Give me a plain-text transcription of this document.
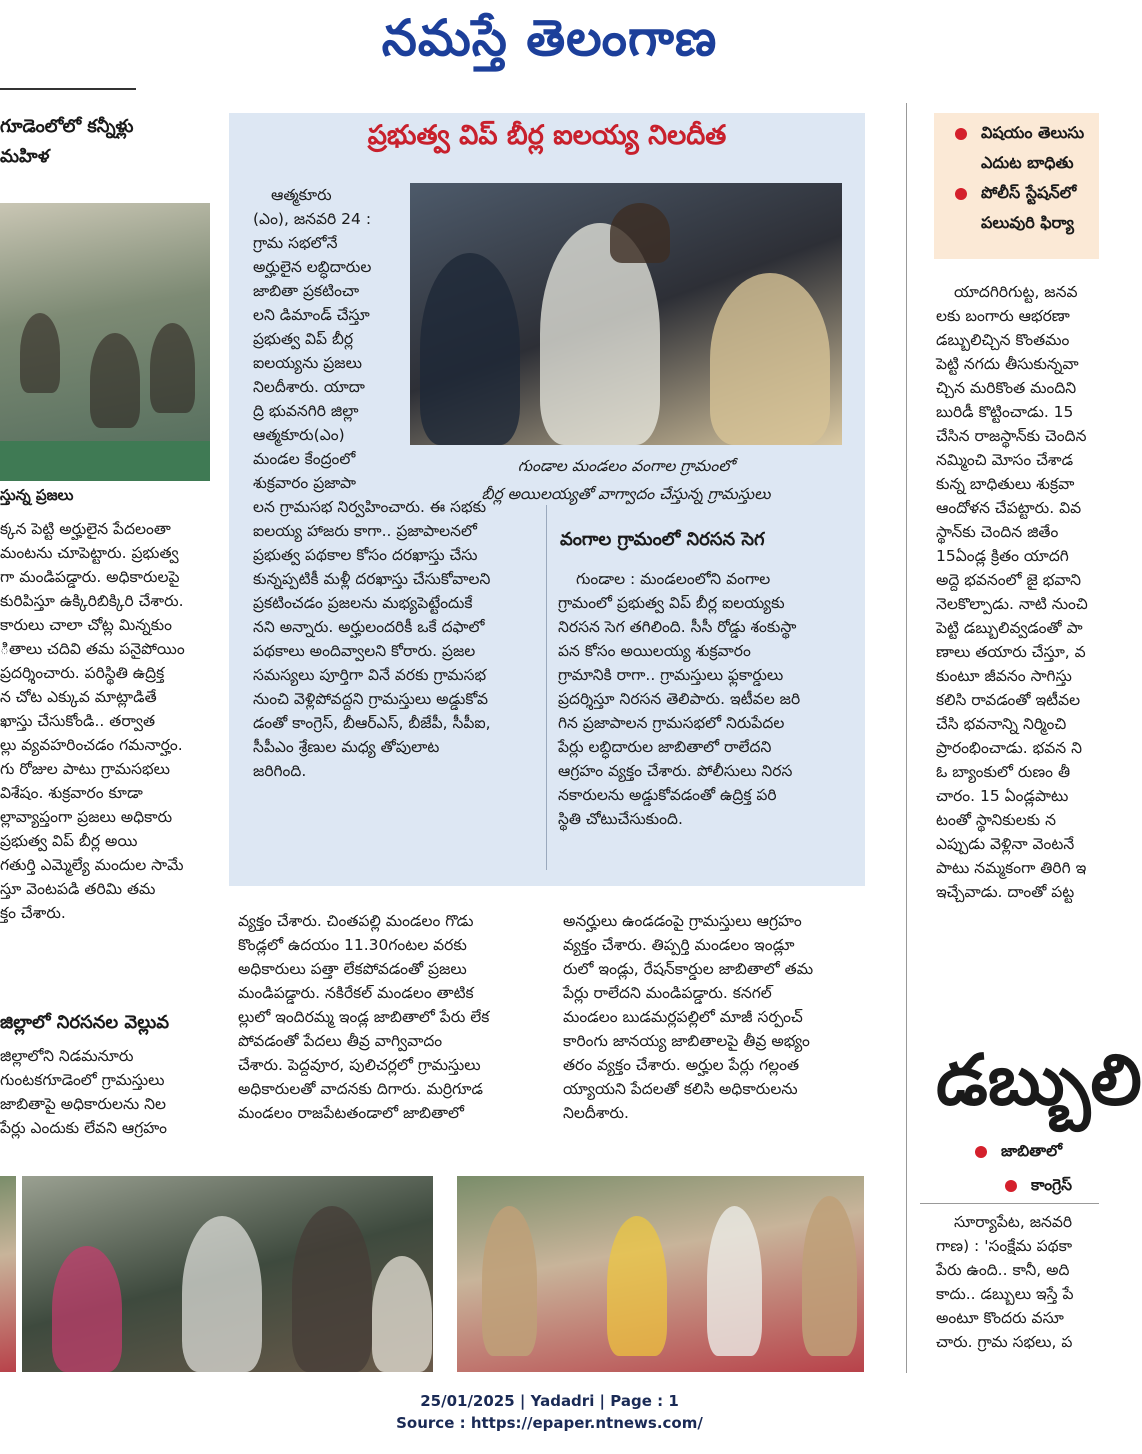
నమస్తే తెలంగాణ
గూడెంలోలో కన్నీళ్లు
మహిళ
స్తున్న ప్రజలు

క్కన పెట్టి అర్హులైన పేదలంతా

మంటను చూపెట్టారు. ప్రభుత్వ

గా మండిపడ్డారు. అధికారులపై

కురిపిస్తూ ఉక్కిరిబిక్కిరి చేశారు.

కారులు చాలా చోట్ల మిన్నకుం

ితాలు చదివి తమ పనైపోయిం

ప్రదర్శించారు. పరిస్థితి ఉద్రిక్త

న చోట ఎక్కువ మాట్లాడితే

ఖాస్తు చేసుకోండి.. తర్వాత

ల్లు వ్యవహరించడం గమనార్హం.

గు రోజుల పాటు గ్రామసభలు

విశేషం. శుక్రవారం కూడా

ల్లావ్యాప్తంగా ప్రజలు అధికారు

ప్రభుత్వ విప్ బీర్ల అయి

గతుర్తి ఎమ్మెల్యే మందుల సామే

స్తూ వెంటపడి తరిమి తమ

క్తం చేశారు.

జిల్లాలో నిరసనల వెల్లువ

జిల్లాలోని నిడమనూరు

గుంటకగూడెంలో గ్రామస్తులు

జాబితాపై అధికారులను నిల

పేర్లు ఎందుకు లేవని ఆగ్రహం

ప్రభుత్వ విప్ బీర్ల ఐలయ్య నిలదీత

ఆత్మకూరు

(ఎం), జనవరి 24 :

గ్రామ సభలోనే

అర్హులైన లబ్ధిదారుల

జాబితా ప్రకటించా

లని డిమాండ్ చేస్తూ

ప్రభుత్వ విప్ బీర్ల

ఐలయ్యను ప్రజలు

నిలదీశారు. యాదా

ద్రి భువనగిరి జిల్లా

ఆత్మకూరు(ఎం)

మండల కేంద్రంలో

శుక్రవారం ప్రజాపా

గుండాల మండలం వంగాల గ్రామంలో
బీర్ల అయిలయ్యతో వాగ్వాదం చేస్తున్న గ్రామస్తులు

లన గ్రామసభ నిర్వహించారు. ఈ సభకు

ఐలయ్య హాజరు కాగా.. ప్రజాపాలనలో

ప్రభుత్వ పథకాల కోసం దరఖాస్తు చేసు

కున్నప్పటికీ మళ్లీ దరఖాస్తు చేసుకోవాలని

ప్రకటించడం ప్రజలను మభ్యపెట్టేందుకే

నని అన్నారు. అర్హులందరికీ ఒకే దఫాలో

పథకాలు అందివ్వాలని కోరారు. ప్రజల

సమస్యలు పూర్తిగా వినే వరకు గ్రామసభ

నుంచి వెళ్లిపోవద్దని గ్రామస్తులు అడ్డుకోవ

డంతో కాంగ్రెస్, బీఆర్ఎస్, బీజేపీ, సీపీఐ,

సీపీఎం శ్రేణుల మధ్య తోపులాట

జరిగింది.

వంగాల గ్రామంలో నిరసన సెగ

గుండాల : మండలంలోని వంగాల

గ్రామంలో ప్రభుత్వ విప్ బీర్ల ఐలయ్యకు

నిరసన సెగ తగిలింది. సీసీ రోడ్డు శంకుస్థా

పన కోసం అయిలయ్య శుక్రవారం

గ్రామానికి రాగా.. గ్రామస్తులు ఫ్లకార్డులు

ప్రదర్శిస్తూ నిరసన తెలిపారు. ఇటీవల జరి

గిన ప్రజాపాలన గ్రామసభలో నిరుపేదల

పేర్లు లబ్ధిదారుల జాబితాలో రాలేదని

ఆగ్రహం వ్యక్తం చేశారు. పోలీసులు నిరస

నకారులను అడ్డుకోవడంతో ఉద్రిక్త పరి

స్థితి చోటుచేసుకుంది.

వ్యక్తం చేశారు. చింతపల్లి మండలం గొడు

కొండ్లలో ఉదయం 11.30గంటల వరకు

అధికారులు పత్తా లేకపోవడంతో ప్రజలు

మండిపడ్డారు. నకిరేకల్ మండలం తాటిక

ల్లులో ఇందిరమ్మ ఇండ్ల జాబితాలో పేరు లేక

పోవడంతో పేదలు తీవ్ర వాగ్వివాదం

చేశారు. పెద్దవూర, పులిచర్లలో గ్రామస్తులు

అధికారులతో వాదనకు దిగారు. మర్రిగూడ

మండలం రాజపేటతండాలో జాబితాలో

అనర్హులు ఉండడంపై గ్రామస్తులు ఆగ్రహం

వ్యక్తం చేశారు. తిప్పర్తి మండలం ఇండ్లూ

రులో ఇండ్లు, రేషన్‌కార్డుల జాబితాలో తమ

పేర్లు రాలేదని మండిపడ్డారు. కనగల్

మండలం బుడమర్లపల్లిలో మాజీ సర్పంచ్

కారింగు జానయ్య జాబితాలపై తీవ్ర అభ్యం

తరం వ్యక్తం చేశారు. అర్హుల పేర్లు గల్లంత

య్యాయని పేదలతో కలిసి అధికారులను

నిలదీశారు.

విషయం తెలుసు
ఎదుట బాధితు
పోలీస్ స్టేషన్‌లో
పలువురి ఫిర్యా

యాదగిరిగుట్ట, జనవ

లకు బంగారు ఆభరణా

డబ్బులిచ్చిన కొంతమం

పెట్టి నగదు తీసుకున్నవా

చ్చిన మరికొంత మందిని

బురిడీ కొట్టించాడు. 15

చేసిన రాజస్థాన్‌కు చెందిన

నమ్మించి మోసం చేశాడ

కున్న బాధితులు శుక్రవా

ఆందోళన చేపట్టారు. వివ

స్థాన్‌కు చెందిన జితేం

15ఏండ్ల క్రితం యాదగి

అద్దె భవనంలో జై భవాని

నెలకొల్పాడు. నాటి నుంచి

పెట్టి డబ్బులివ్వడంతో పా

ణాలు తయారు చేస్తూ, వ

కుంటూ జీవనం సాగిస్తు

కలిసి రావడంతో ఇటీవల

చేసి భవనాన్ని నిర్మించి

ప్రారంభించాడు. భవన ని

ఓ బ్యాంకులో రుణం తీ

చారం. 15 ఏండ్లపాటు

టంతో స్థానికులకు న

ఎప్పుడు వెళ్లినా వెంటనే

పాటు నమ్మకంగా తిరిగి ఇ

ఇచ్చేవాడు. దాంతో పట్ట

డబ్బులి
జాబితాలో
కాంగ్రెస్

సూర్యాపేట, జనవరి

గాణ) : 'సంక్షేమ పథకా

పేరు ఉంది.. కానీ, అది

కాదు.. డబ్బులు ఇస్తే పే

అంటూ కొందరు వసూ

చారు. గ్రామ సభలు, ప

25/01/2025 | Yadadri | Page : 1
Source : https://epaper.ntnews.com/
